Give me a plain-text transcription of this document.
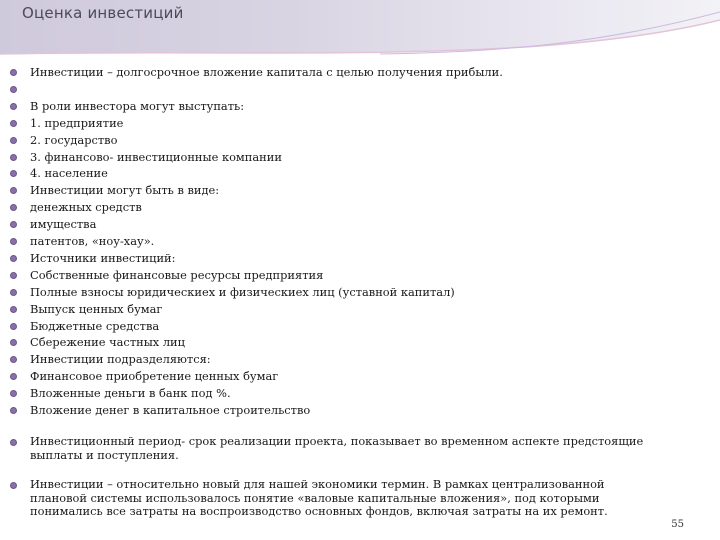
Оценка инвестиций
Инвестиции – долгосрочное вложение капитала с целью получения прибыли.
В роли инвестора могут выступать:
1. предприятие
2. государство
3. финансово- инвестиционные компании
4. население
Инвестиции могут быть в виде:
денежных средств
имущества
патентов, «ноу-хау».
Источники инвестиций:
Собственные финансовые ресурсы предприятия
Полные взносы юридическиех и физическиех лиц (уставной капитал)
Выпуск ценных бумаг
Бюджетные средства
Сбережение частных лиц
Инвестиции подразделяются:
Финансовое приобретение ценных бумаг
Вложенные деньги в банк под %.
Вложение денег в капитальное строительство
Инвестиционный период- срок реализации проекта, показывает во временном аспекте предстоящие выплаты и поступления.
Инвестиции – относительно новый для нашей экономики термин. В рамках централизованной плановой системы использовалось понятие «валовые капитальные вложения», под которыми понимались все затраты на воспроизводство основных фондов, включая затраты на их ремонт.
55
